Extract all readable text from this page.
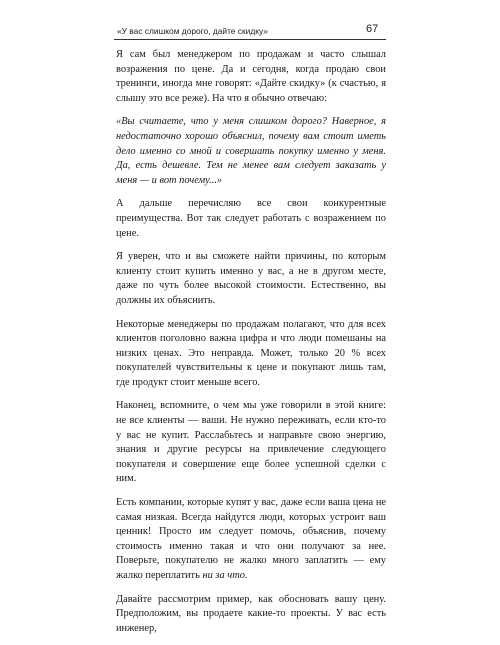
«У вас слишком дорого, дайте скидку»	67

Я сам был менеджером по продажам и часто слышал возражения по цене. Да и сегодня, когда продаю свои тренинги, иногда мне говорят: «Дайте скидку» (к счастью, я слышу это все реже). На что я обычно отвечаю:

«Вы считаете, что у меня слишком дорого? Наверное, я недостаточно хорошо объяснил, почему вам стоит иметь дело именно со мной и совершать покупку именно у меня. Да, есть дешевле. Тем не менее вам следует заказать у меня — и вот почему...»

А дальше перечисляю все свои конкурентные преимущества. Вот так следует работать с возражением по цене.

Я уверен, что и вы сможете найти причины, по которым клиенту стоит купить именно у вас, а не в другом месте, даже по чуть более высокой стоимости. Естественно, вы должны их объяснить.

Некоторые менеджеры по продажам полагают, что для всех клиентов поголовно важна цифра и что люди помешаны на низких ценах. Это неправда. Может, только 20 % всех покупателей чувствительны к цене и покупают лишь там, где продукт стоит меньше всего.

Наконец, вспомните, о чем мы уже говорили в этой книге: не все клиенты — ваши. Не нужно переживать, если кто-то у вас не купит. Расслабьтесь и направьте свою энергию, знания и другие ресурсы на привлечение следующего покупателя и совершение еще более успешной сделки с ним.

Есть компании, которые купят у вас, даже если ваша цена не самая низкая. Всегда найдутся люди, которых устроит ваш ценник! Просто им следует помочь, объяснив, почему стоимость именно такая и что они получают за нее. Поверьте, покупателю не жалко много заплатить — ему жалко переплатить ни за что.

Давайте рассмотрим пример, как обосновать вашу цену. Предположим, вы продаете какие-то проекты. У вас есть инженер,
